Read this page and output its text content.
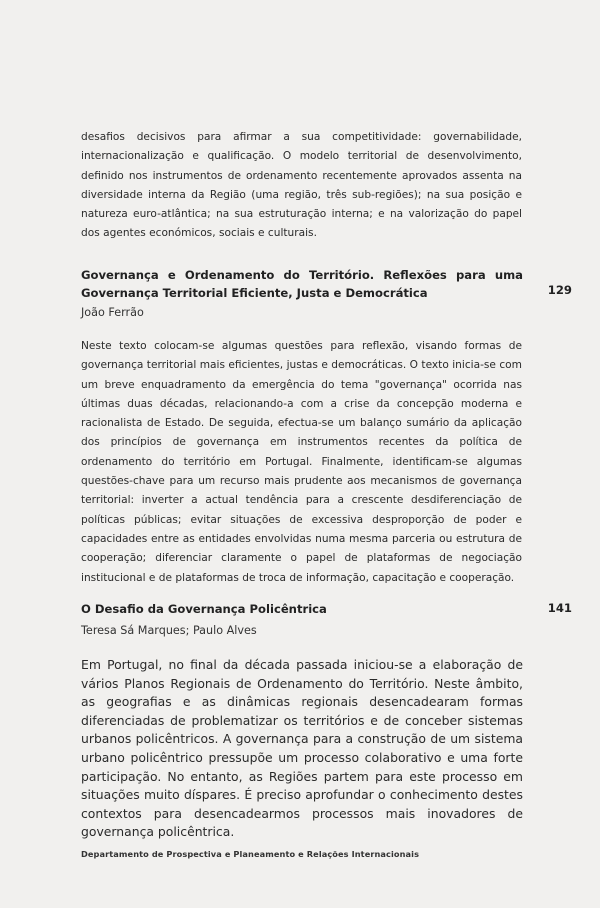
desafios decisivos para afirmar a sua competitividade: governabilidade, internacionalização e qualificação. O modelo territorial de desenvolvimento, definido nos instrumentos de ordenamento recentemente aprovados assenta na diversidade interna da Região (uma região, três sub-regiões); na sua posição e natureza euro-atlântica; na sua estruturação interna; e na valorização do papel dos agentes económicos, sociais e culturais.

Governança e Ordenamento do Território. Reflexões para uma Governança Territorial Eficiente, Justa e Democrática	129
João Ferrão

Neste texto colocam-se algumas questões para reflexão, visando formas de governança territorial mais eficientes, justas e democráticas. O texto inicia-se com um breve enquadramento da emergência do tema "governança" ocorrida nas últimas duas décadas, relacionando-a com a crise da concepção moderna e racionalista de Estado. De seguida, efectua-se um balanço sumário da aplicação dos princípios de governança em instrumentos recentes da política de ordenamento do território em Portugal. Finalmente, identificam-se algumas questões-chave para um recurso mais prudente aos mecanismos de governança territorial: inverter a actual tendência para a crescente desdiferenciação de políticas públicas; evitar situações de excessiva desproporção de poder e capacidades entre as entidades envolvidas numa mesma parceria ou estrutura de cooperação; diferenciar claramente o papel de plataformas de negociação institucional e de plataformas de troca de informação, capacitação e cooperação.

O Desafio da Governança Policêntrica	141
Teresa Sá Marques; Paulo Alves

Em Portugal, no final da década passada iniciou-se a elaboração de vários Planos Regionais de Ordenamento do Território. Neste âmbito, as geografias e as dinâmicas regionais desencadearam formas diferenciadas de problematizar os territórios e de conceber sistemas urbanos policêntricos. A governança para a construção de um sistema urbano policêntrico pressupõe um processo colaborativo e uma forte participação. No entanto, as Regiões partem para este processo em situações muito díspares. É preciso aprofundar o conhecimento destes contextos para desencadearmos processos mais inovadores de governança policêntrica.

Departamento de Prospectiva e Planeamento e Relações Internacionais
